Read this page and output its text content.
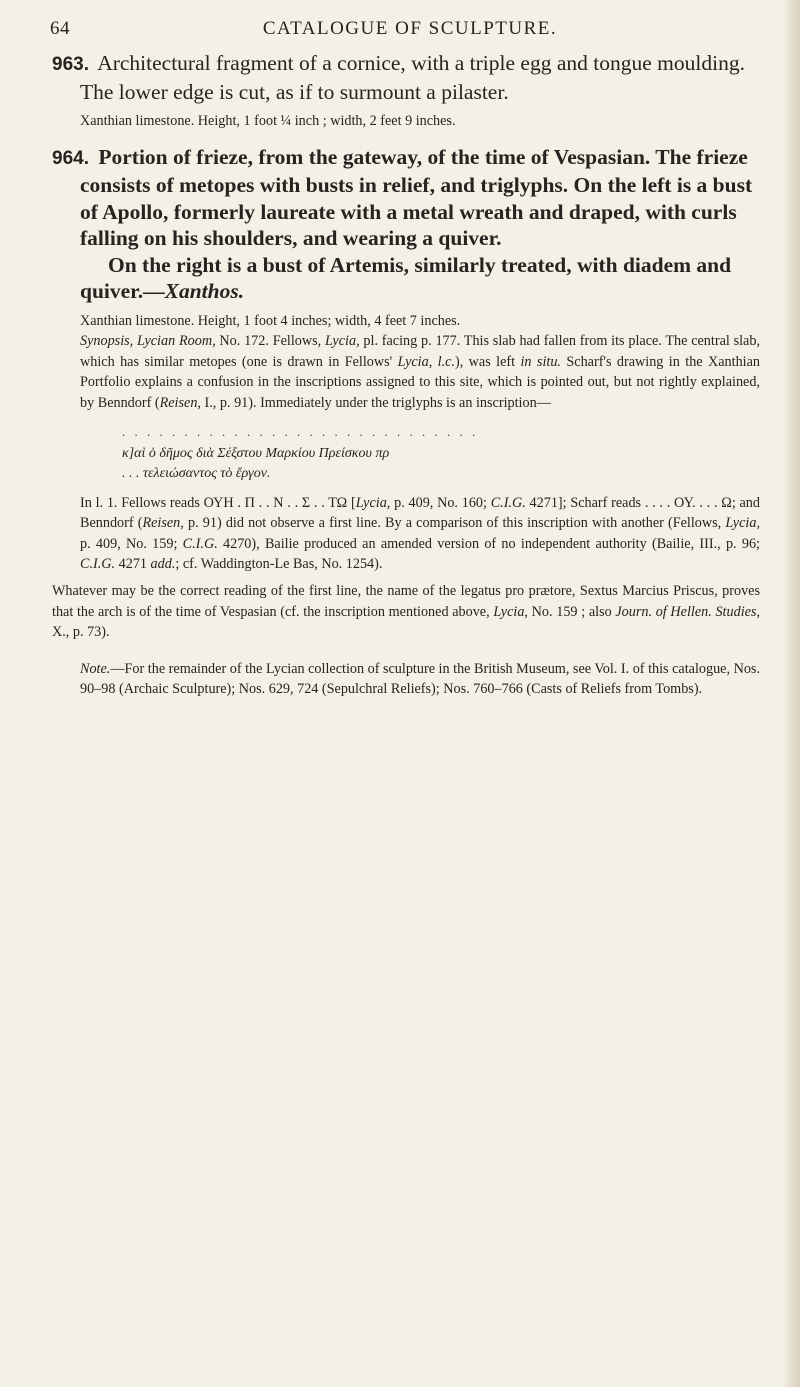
64	CATALOGUE OF SCULPTURE.

963. Architectural fragment of a cornice, with a triple egg and tongue moulding. The lower edge is cut, as if to surmount a pilaster.

Xanthian limestone. Height, 1 foot ¼ inch ; width, 2 feet 9 inches.

964. Portion of frieze, from the gateway, of the time of Vespasian. The frieze consists of metopes with busts in relief, and triglyphs. On the left is a bust of Apollo, formerly laureate with a metal wreath and draped, with curls falling on his shoulders, and wearing a quiver.

On the right is a bust of Artemis, similarly treated, with diadem and quiver.—Xanthos.

Xanthian limestone. Height, 1 foot 4 inches; width, 4 feet 7 inches.

Synopsis, Lycian Room, No. 172. Fellows, Lycia, pl. facing p. 177. This slab had fallen from its place. The central slab, which has similar metopes (one is drawn in Fellows' Lycia, l.c.), was left in situ. Scharf's drawing in the Xanthian Portfolio explains a confusion in the inscriptions assigned to this site, which is pointed out, but not rightly explained, by Benndorf (Reisen, I., p. 91). Immediately under the triglyphs is an inscription—

. . . . . . . . . . . . . . . . . . . . . . . . . . . . .
κ]αὶ ὁ δῆμος διὰ Σέξστου Μαρκίου Πρείσκου πρ
. . . τελειώσαντος τὸ ἔργον.

In l. 1. Fellows reads ΟΥΗ . Π . . Ν . . Σ . . ΤΩ [Lycia, p. 409, No. 160; C.I.G. 4271]; Scharf reads . . . . ΟΥ. . . . Ω; and Benndorf (Reisen, p. 91) did not observe a first line. By a comparison of this inscription with another (Fellows, Lycia, p. 409, No. 159; C.I.G. 4270), Bailie produced an amended version of no independent authority (Bailie, III., p. 96; C.I.G. 4271 add.; cf. Waddington-Le Bas, No. 1254).

Whatever may be the correct reading of the first line, the name of the legatus pro prætore, Sextus Marcius Priscus, proves that the arch is of the time of Vespasian (cf. the inscription mentioned above, Lycia, No. 159 ; also Journ. of Hellen. Studies, X., p. 73).

Note.—For the remainder of the Lycian collection of sculpture in the British Museum, see Vol. I. of this catalogue, Nos. 90–98 (Archaic Sculpture); Nos. 629, 724 (Sepulchral Reliefs); Nos. 760–766 (Casts of Reliefs from Tombs).
